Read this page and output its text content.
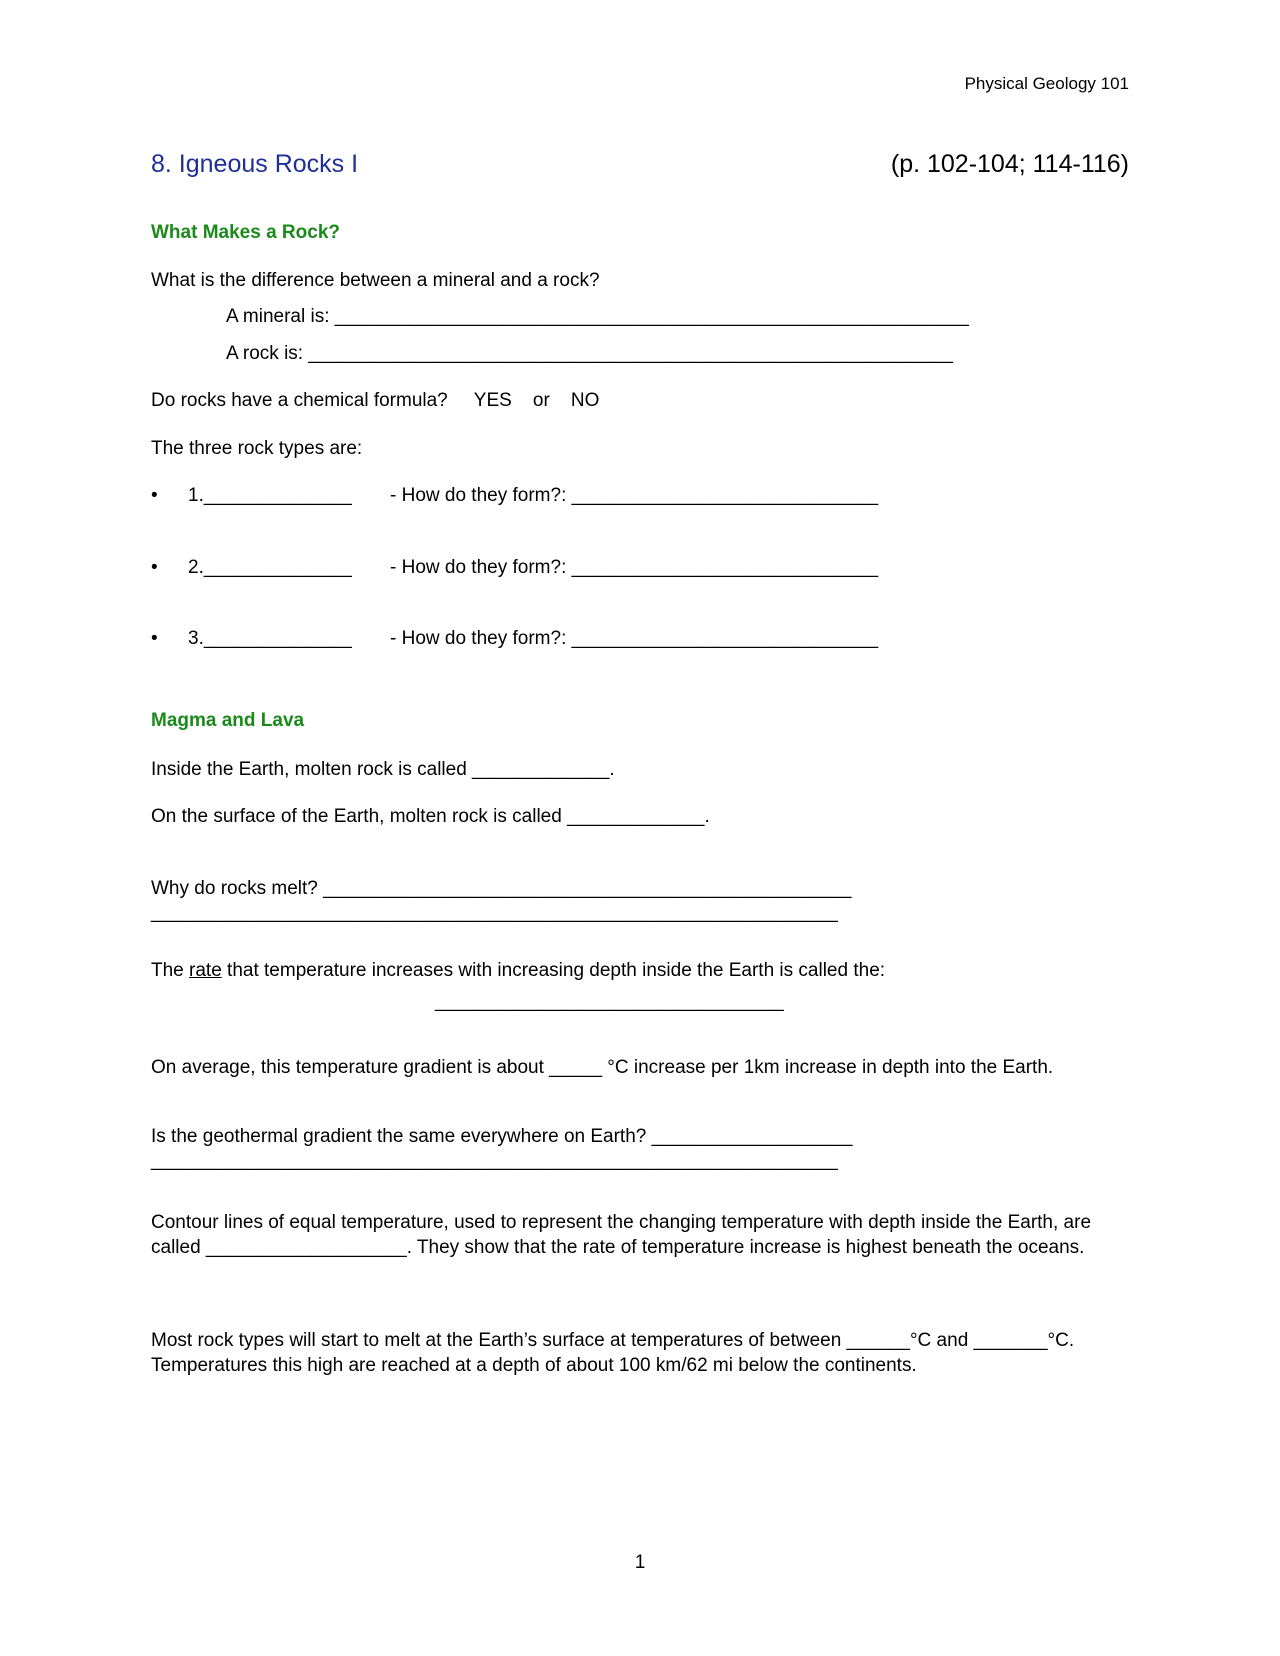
Physical Geology 101
8. Igneous Rocks I	(p. 102-104; 114-116)
What Makes a Rock?
What is the difference between a mineral and a rock?
A mineral is: ____________________________________________________________
A rock is: _____________________________________________________________
Do rocks have a chemical formula?     YES    or    NO
The three rock types are:
• 1.______________ - How do they form?: _____________________________
• 2.______________ - How do they form?: _____________________________
• 3.______________ - How do they form?: _____________________________
Magma and Lava
Inside the Earth, molten rock is called _____________.
On the surface of the Earth, molten rock is called _____________.
Why do rocks melt? __________________________________________________
_________________________________________________________________
The rate that temperature increases with increasing depth inside the Earth is called the:
_________________________________
On average, this temperature gradient is about _____ °C increase per 1km increase in depth into the Earth.
Is the geothermal gradient the same everywhere on Earth? ___________________
_________________________________________________________________
Contour lines of equal temperature, used to represent the changing temperature with depth inside the Earth, are called ___________________. They show that the rate of temperature increase is highest beneath the oceans.
Most rock types will start to melt at the Earth’s surface at temperatures of between ______°C and _______°C. Temperatures this high are reached at a depth of about 100 km/62 mi below the continents.
1
